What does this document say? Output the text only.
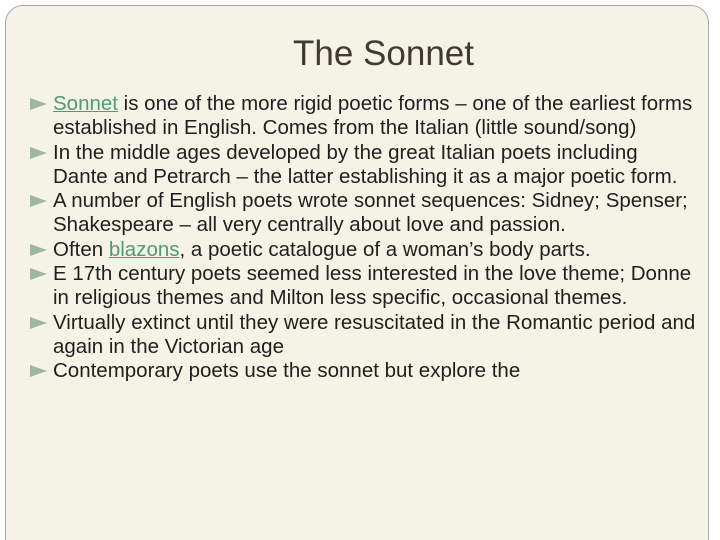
The Sonnet
Sonnet is one of the more rigid poetic forms – one of the earliest forms established in English. Comes from the Italian (little sound/song)
In the middle ages developed by the great Italian poets including Dante and Petrarch – the latter establishing it as a major poetic form.
A number of English poets wrote sonnet sequences: Sidney; Spenser; Shakespeare – all very centrally about love and passion.
Often blazons, a poetic catalogue of a woman’s body parts.
E 17th century poets seemed less interested in the love theme; Donne in religious themes and Milton less specific, occasional themes.
Virtually extinct until they were resuscitated in the Romantic period and again in the Victorian age
Contemporary poets use the sonnet but explore the
